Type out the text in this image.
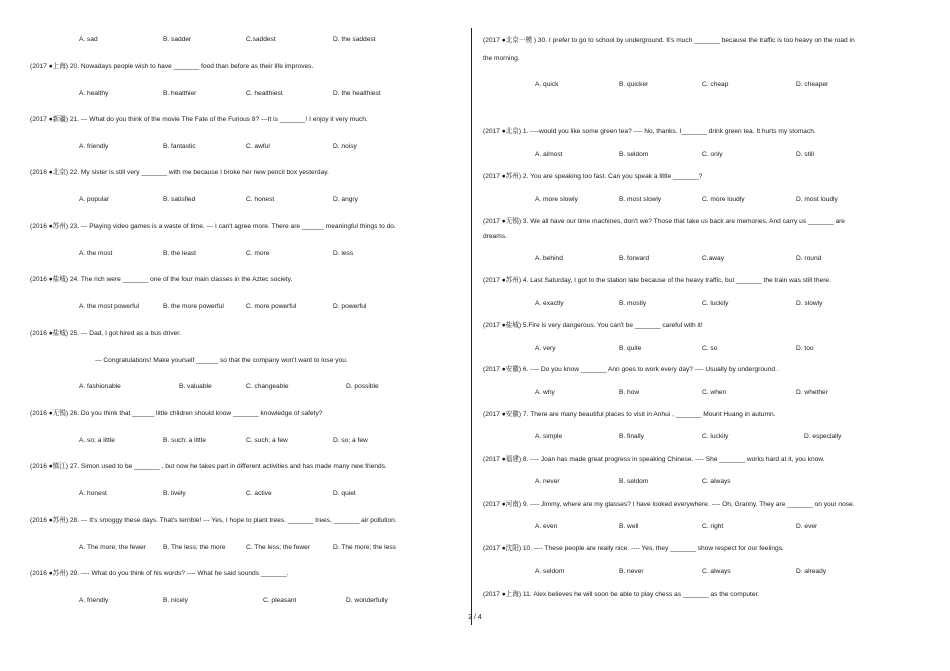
A. sad	B. sadder	C.saddest	D. the saddest
(2017 ●上海) 20. Nowadays people wish to have _______ food than before as their life improves.
A. healthy	B. healthier	C. healthiest	D. the healthiest
(2017 ●新疆) 21. --- What do you think of the movie The Fate of the Furious 8? ---It is _______! I enjoy it very much.
A. friendly	B. fantastic	C. awful	D. noisy
(2016 ●北京) 22. My sister is still very _______ with me because I broke her new pencil box yesterday.
A. popular	B. satisfied	C. honest	D. angry
(2016 ●苏州) 23. --- Playing video games is a waste of time. --- I can't agree more. There are ______ meaningful things to do.
A. the most	B. the least	C. more	D. less
(2016 ●盐城) 24. The rich were _______ one of the four main classes in the Aztec society.
A. the most powerful	B. the more powerful	C. more powerful	D. powerful
(2016 ●盐城) 25. --- Dad, I got hired as a bus driver.
--- Congratulations! Make yourself ______ so that the company won't want to lose you.
A. fashionable	B. valuable	C. changeable	D. possible
(2016 ●无锡) 26. Do you think that ______ little children should know _______ knowledge of safety?
A. so; a little	B. such; a little	C. such; a few	D. so; a few
(2016 ●镇江) 27. Simon used to be _______ , but now he takes part in different activities and has made many new friends.
A. honest	B. lively	C. active	D. quiet
(2016 ●苏州) 28. --- It's smoggy these days. That's terrible! --- Yes, I hope to plant trees. _______ trees, _______ air pollution.
A. The more; the fewer	B. The less; the more	C. The less; the fewer	D. The more; the less
(2016 ●苏州) 29. ---- What do you think of his words? ---- What he said sounds _______.
A. friendly	B. nicely	C. pleasant	D. wonderfully
(2017 ●北京一模 ) 30. I prefer to go to school by underground. It's much _______ because the traffic is too heavy on the road in
the morning.
A. quick	B. quicker	C. cheap	D. cheaper
(2017 ●北京) 1. ----would you like some green tea? ---- No, thanks. I_______ drink green tea. It hurts my stomach.
A. almost	B. seldom	C. only	D. still
(2017 ●苏州) 2. You are speaking too fast. Can you speak a little _______?
A. more slowly	B. most slowly	C. more loudly	D. most loudly
(2017 ●无锡) 3. We all have our time machines, don't we? Those that take us back are memories. And carry us _______ are
dreams.
A. behind	B. forward	C.away	D. round
(2017 ●苏州) 4. Last Saturday, I got to the station late because of the heavy traffic, but _______ the train was still there.
A. exactly	B. mostly	C. luckily	D. slowly
(2017 ●盐城) 5.Fire is very dangerous. You can't be _______ careful with it!
A. very	B. quite	C. so	D. too
(2017 ●安徽) 6. ---- Do you know _______ Ann goes to work every day? ---- Usually by underground .
A. why	B. how	C. when	D. whether
(2017 ●安徽) 7. There are many beautiful places to visit in Anhui , _______ Mount Huang in autumn.
A. simple	B. finally	C. luckily	D. especially
(2017 ●福建) 8. ---- Joan has made great progress in speaking Chinese. ---- She _______ works hard at it, you know.
A. never	B. seldom	C. always
(2017 ●河南) 9. ---- Jimmy, where are my glasses? I have looked everywhere. ---- Oh, Granny. They are _______ on your nose.
A. even	B. well	C. right	D. ever
(2017 ●沈阳) 10. ---- These people are really nice. ---- Yes, they _______ show respect for our feelings.
A. seldom	B. never	C. always	D. already
(2017 ●上海) 11. Alex believes he will soon be able to play chess as _______ as the computer.
2 / 4
